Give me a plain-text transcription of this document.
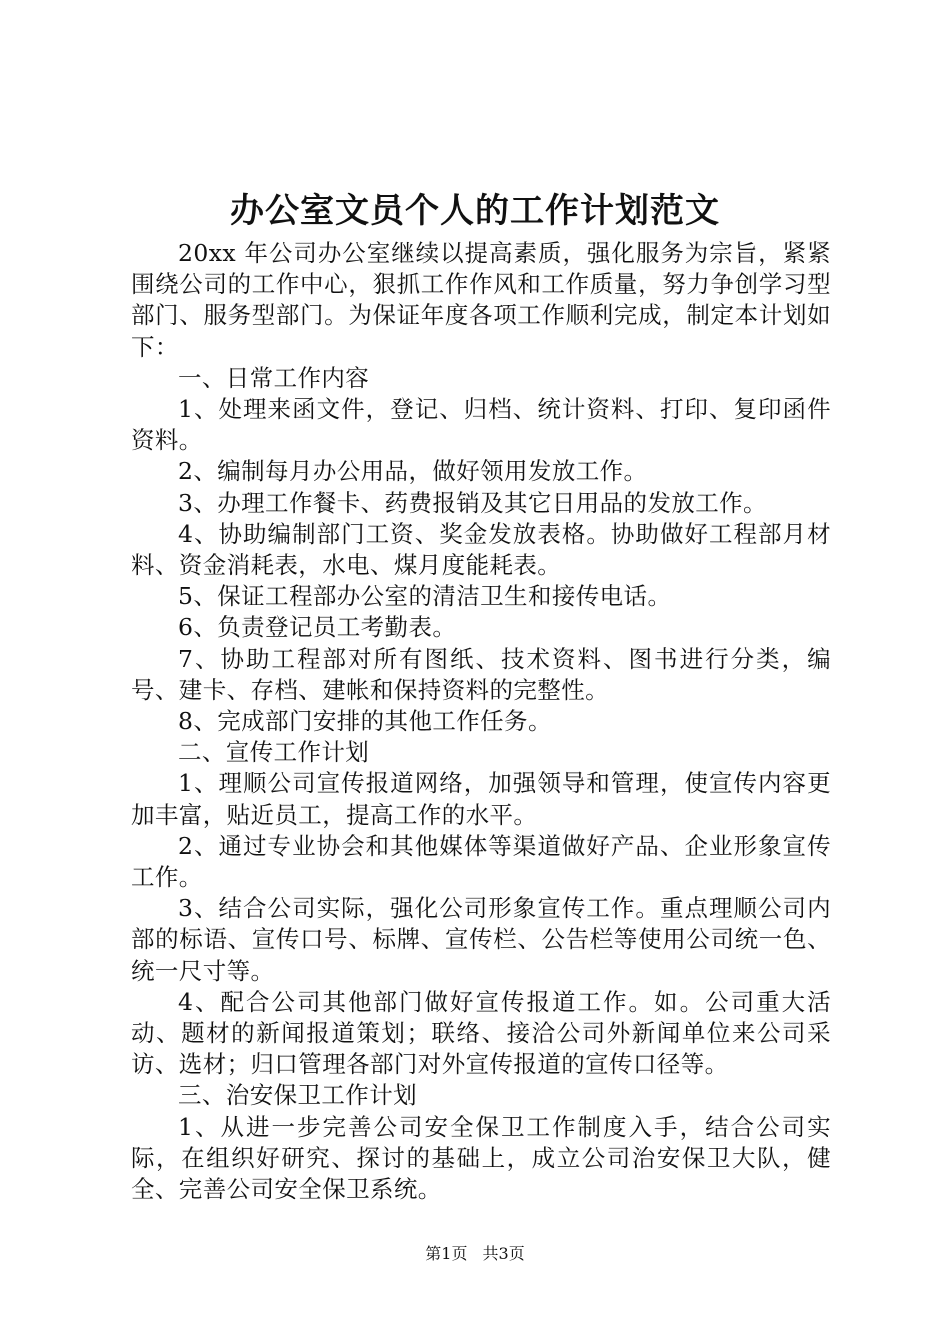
办公室文员个人的工作计划范文

20xx 年公司办公室继续以提高素质，强化服务为宗旨，紧紧围绕公司的工作中心，狠抓工作作风和工作质量，努力争创学习型部门、服务型部门。为保证年度各项工作顺利完成，制定本计划如下：

一、日常工作内容

1、处理来函文件，登记、归档、统计资料、打印、复印函件资料。

2、编制每月办公用品，做好领用发放工作。

3、办理工作餐卡、药费报销及其它日用品的发放工作。

4、协助编制部门工资、奖金发放表格。协助做好工程部月材料、资金消耗表，水电、煤月度能耗表。

5、保证工程部办公室的清洁卫生和接传电话。

6、负责登记员工考勤表。

7、协助工程部对所有图纸、技术资料、图书进行分类，编号、建卡、存档、建帐和保持资料的完整性。

8、完成部门安排的其他工作任务。

二、宣传工作计划

1、理顺公司宣传报道网络，加强领导和管理，使宣传内容更加丰富，贴近员工，提高工作的水平。

2、通过专业协会和其他媒体等渠道做好产品、企业形象宣传工作。

3、结合公司实际，强化公司形象宣传工作。重点理顺公司内部的标语、宣传口号、标牌、宣传栏、公告栏等使用公司统一色、统一尺寸等。

4、配合公司其他部门做好宣传报道工作。如。公司重大活动、题材的新闻报道策划；联络、接洽公司外新闻单位来公司采访、选材；归口管理各部门对外宣传报道的宣传口径等。

三、治安保卫工作计划

1、从进一步完善公司安全保卫工作制度入手，结合公司实际，在组织好研究、探讨的基础上，成立公司治安保卫大队，健全、完善公司安全保卫系统。

第1页 共3页
